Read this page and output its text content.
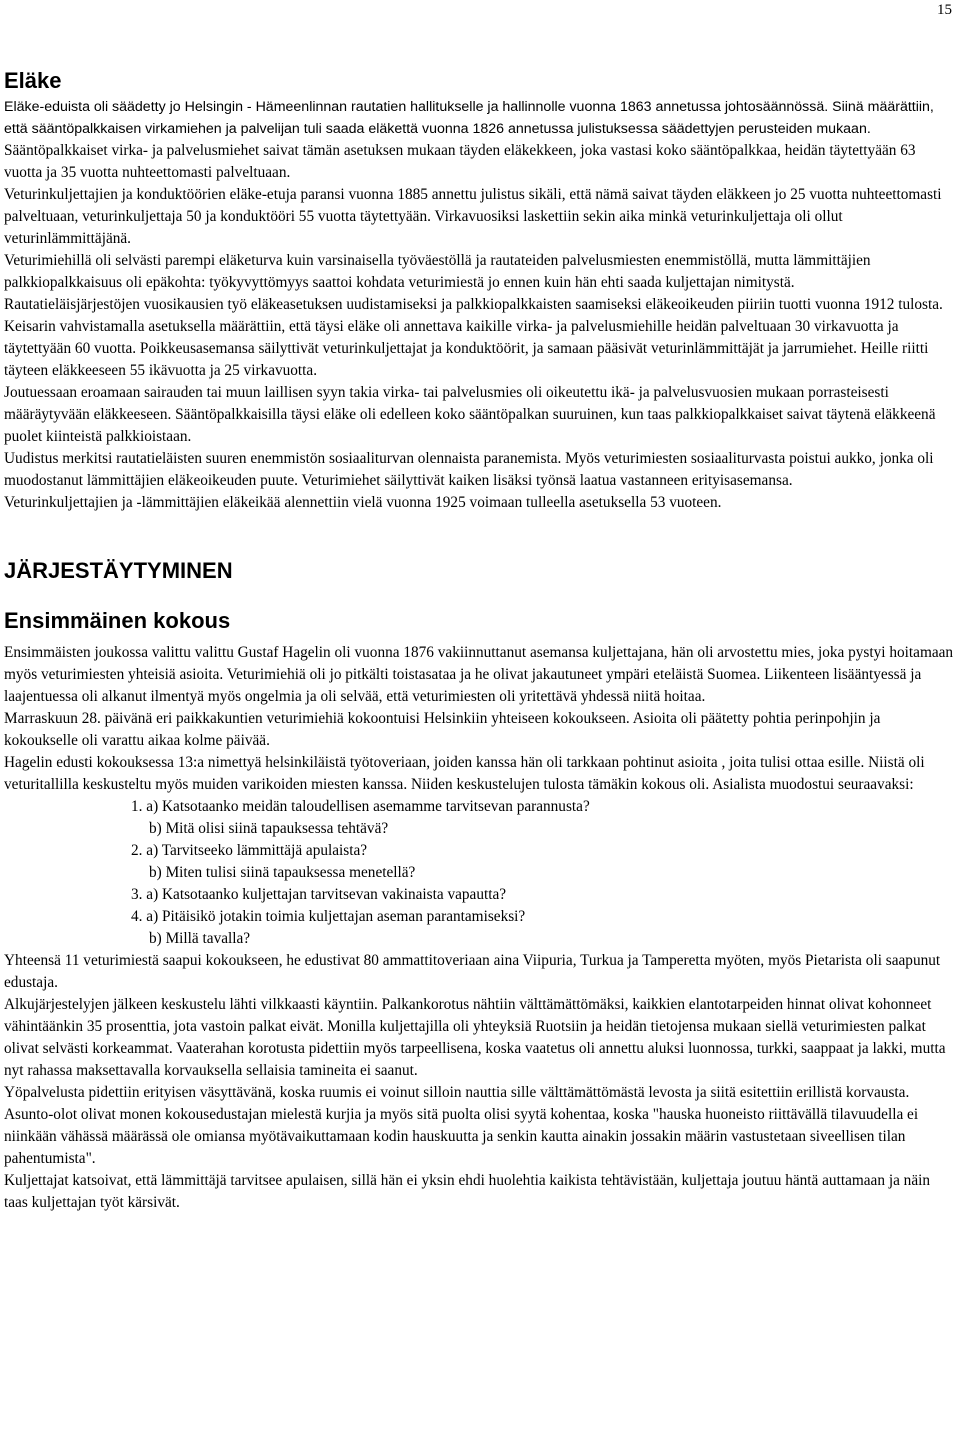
15
Eläke

Eläke-eduista oli säädetty jo Helsingin - Hämeenlinnan rautatien hallitukselle ja hallinnolle vuonna 1863 annetussa johtosäännössä. Siinä määrättiin, että sääntöpalkkaisen virkamiehen ja palvelijan tuli saada eläkettä vuonna 1826 annetussa julistuksessa säädettyjen perusteiden mukaan. Sääntöpalkkaiset virka- ja palvelusmiehet saivat tämän asetuksen mukaan täyden eläkekkeen, joka vastasi koko sääntöpalkkaa, heidän täytettyään 63 vuotta ja 35 vuotta nuhteettomasti palveltuaan.

Veturinkuljettajien ja konduktöörien eläke-etuja paransi vuonna 1885 annettu julistus sikäli, että nämä saivat täyden eläkkeen jo 25 vuotta nuhteettomasti palveltuaan, veturinkuljettaja 50 ja konduktööri 55 vuotta täytettyään. Virkavuosiksi laskettiin sekin aika minkä veturinkuljettaja oli ollut veturinlämmittäjänä.

Veturimiehillä oli selvästi parempi eläketurva kuin varsinaisella työväestöllä ja rautateiden palvelusmiesten enemmistöllä, mutta lämmittäjien palkkiopalkkaisuus oli epäkohta: työkyvyttömyys saattoi kohdata veturimiestä jo ennen kuin hän ehti saada kuljettajan nimitystä.

Rautatieläisjärjestöjen vuosikausien työ eläkeasetuksen uudistamiseksi ja palkkiopalkkaisten saamiseksi eläkeoikeuden piiriin tuotti vuonna 1912 tulosta. Keisarin vahvistamalla asetuksella määrättiin, että täysi eläke oli annettava kaikille virka- ja palvelusmiehille heidän palveltuaan 30 virkavuotta ja täytettyään 60 vuotta. Poikkeusasemansa säilyttivät veturinkuljettajat ja konduktöörit, ja samaan pääsivät veturinlämmittäjät ja jarrumiehet. Heille riitti täyteen eläkkeeseen 55 ikävuotta ja 25 virkavuotta.

Joutuessaan eroamaan sairauden tai muun laillisen syyn takia virka- tai palvelusmies oli oikeutettu ikä- ja palvelusvuosien mukaan porrasteisesti määräytyvään eläkkeeseen. Sääntöpalkkaisilla täysi eläke oli edelleen koko sääntöpalkan suuruinen, kun taas palkkiopalkkaiset saivat täytenä eläkkeenä puolet kiinteistä palkkioistaan.

Uudistus merkitsi rautatieläisten suuren enemmistön sosiaaliturvan olennaista paranemista. Myös veturimiesten sosiaaliturvasta poistui aukko, jonka oli muodostanut lämmittäjien eläkeoikeuden puute. Veturimiehet säilyttivät kaiken lisäksi työnsä laatua vastanneen erityisasemansa.

Veturinkuljettajien ja -lämmittäjien eläkeikää alennettiin vielä vuonna 1925 voimaan tulleella asetuksella 53 vuoteen.

JÄRJESTÄYTYMINEN
Ensimmäinen kokous

Ensimmäisten joukossa valittu valittu Gustaf Hagelin oli vuonna 1876 vakiinnuttanut asemansa kuljettajana, hän oli arvostettu mies, joka pystyi hoitamaan myös veturimiesten yhteisiä asioita. Veturimiehiä oli jo pitkälti toistasataa ja he olivat jakautuneet ympäri eteläistä Suomea. Liikenteen lisääntyessä ja laajentuessa oli alkanut ilmentyä myös ongelmia ja oli selvää, että veturimiesten oli yritettävä yhdessä niitä hoitaa.

Marraskuun 28. päivänä eri paikkakuntien veturimiehiä kokoontuisi Helsinkiin yhteiseen kokoukseen. Asioita oli päätetty pohtia perinpohjin ja kokoukselle oli varattu aikaa kolme päivää.

Hagelin edusti kokouksessa 13:a nimettyä helsinkiläistä työtoveriaan, joiden kanssa hän oli tarkkaan pohtinut asioita , joita tulisi ottaa esille. Niistä oli veturitallilla keskusteltu myös muiden varikoiden miesten kanssa. Niiden keskustelujen tulosta tämäkin kokous oli. Asialista muodostui seuraavaksi:

1. a) Katsotaanko meidän taloudellisen asemamme tarvitsevan parannusta?
b) Mitä olisi siinä tapauksessa tehtävä?
2. a) Tarvitseeko lämmittäjä apulaista?
b) Miten tulisi siinä tapauksessa menetellä?
3. a) Katsotaanko kuljettajan tarvitsevan vakinaista vapautta?
4. a) Pitäisikö jotakin toimia kuljettajan aseman parantamiseksi?
b) Millä tavalla?

Yhteensä 11 veturimiestä saapui kokoukseen, he edustivat 80 ammattitoveriaan aina Viipuria, Turkua ja Tamperetta myöten, myös Pietarista oli saapunut edustaja.

Alkujärjestelyjen jälkeen keskustelu lähti vilkkaasti käyntiin. Palkankorotus nähtiin välttämättömäksi, kaikkien elantotarpeiden hinnat olivat kohonneet vähintäänkin 35 prosenttia, jota vastoin palkat eivät. Monilla kuljettajilla oli yhteyksiä Ruotsiin ja heidän tietojensa mukaan siellä veturimiesten palkat olivat selvästi korkeammat. Vaaterahan korotusta pidettiin myös tarpeellisena, koska vaatetus oli annettu aluksi luonnossa, turkki, saappaat ja lakki, mutta nyt rahassa maksettavalla korvauksella sellaisia tamineita ei saanut.

Yöpalvelusta pidettiin erityisen väsyttävänä, koska ruumis ei voinut silloin nauttia sille välttämättömästä levosta ja siitä esitettiin erillistä korvausta.

Asunto-olot olivat monen kokousedustajan mielestä kurjia ja myös sitä puolta olisi syytä kohentaa, koska "hauska huoneisto riittävällä tilavuudella ei niinkään vähässä määrässä ole omiansa myötävaikuttamaan kodin hauskuutta ja senkin kautta ainakin jossakin määrin vastustetaan siveellisen tilan pahentumista".

Kuljettajat katsoivat, että lämmittäjä tarvitsee apulaisen, sillä hän ei yksin ehdi huolehtia kaikista tehtävistään, kuljettaja joutuu häntä auttamaan ja näin taas kuljettajan työt kärsivät.
